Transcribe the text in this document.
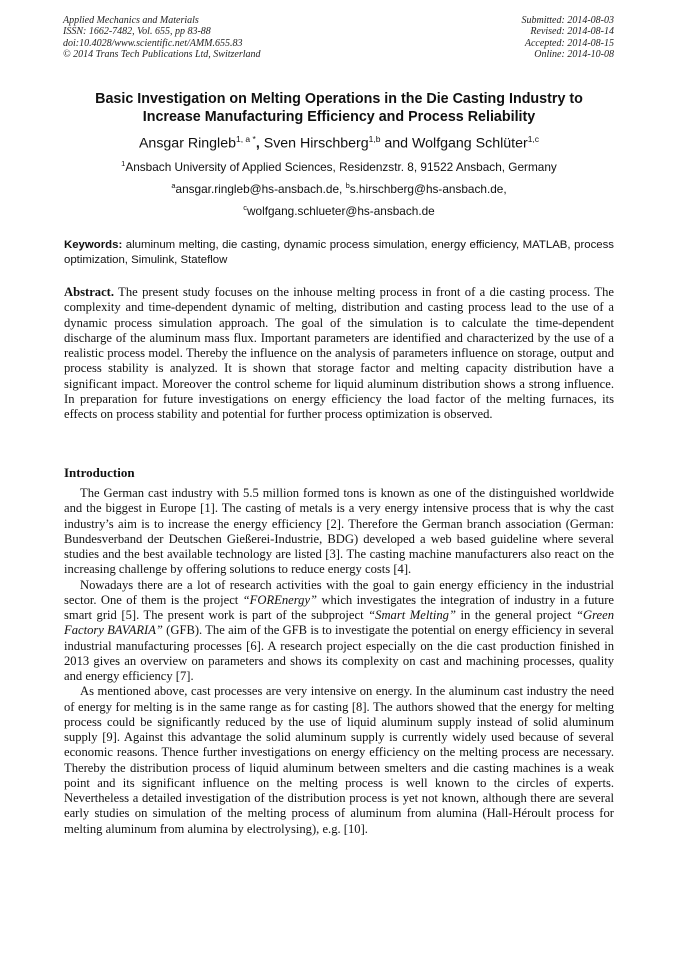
Applied Mechanics and Materials
ISSN: 1662-7482, Vol. 655, pp 83-88
doi:10.4028/www.scientific.net/AMM.655.83
© 2014 Trans Tech Publications Ltd, Switzerland
Submitted: 2014-08-03
Revised: 2014-08-14
Accepted: 2014-08-15
Online: 2014-10-08
Basic Investigation on Melting Operations in the Die Casting Industry to
Increase Manufacturing Efficiency and Process Reliability
Ansgar Ringleb$^{1, a *}$, Sven Hirschberg$^{1,b}$ and Wolfgang Schlüter$^{1,c}$
$^1$Ansbach University of Applied Sciences, Residenzstr. 8, 91522 Ansbach, Germany
$^a$ansgar.ringleb@hs-ansbach.de, $^b$s.hirschberg@hs-ansbach.de,
$^c$wolfgang.schlueter@hs-ansbach.de
Keywords: aluminum melting, die casting, dynamic process simulation, energy efficiency, MATLAB, process optimization, Simulink, Stateflow
Abstract. The present study focuses on the inhouse melting process in front of a die casting process. The complexity and time-dependent dynamic of melting, distribution and casting process lead to the use of a dynamic process simulation approach. The goal of the simulation is to calculate the time-dependent discharge of the aluminum mass flux. Important parameters are identified and characterized by the use of a realistic process model. Thereby the influence on the analysis of parameters influence on storage, output and process stability is analyzed. It is shown that storage factor and melting capacity distribution have a significant impact. Moreover the control scheme for liquid aluminum distribution shows a strong influence. In preparation for future investigations on energy efficiency the load factor of the melting furnaces, its effects on process stability and potential for further process optimization is observed.
Introduction

The German cast industry with 5.5 million formed tons is known as one of the distinguished worldwide and the biggest in Europe [1]. The casting of metals is a very energy intensive process that is why the cast industry’s aim is to increase the energy efficiency [2]. Therefore the German branch association (German: Bundesverband der Deutschen Gießerei-Industrie, BDG) developed a web based guideline where several studies and the best available technology are listed [3]. The casting machine manufacturers also react on the increasing challenge by offering solutions to reduce energy costs [4].

Nowadays there are a lot of research activities with the goal to gain energy efficiency in the industrial sector. One of them is the project “FOREnergy” which investigates the integration of industry in a future smart grid [5]. The present work is part of the subproject “Smart Melting” in the general project “Green Factory BAVARIA” (GFB). The aim of the GFB is to investigate the potential on energy efficiency in several industrial manufacturing processes [6]. A research project especially on the die cast production finished in 2013 gives an overview on parameters and shows its complexity on cast and machining processes, quality and energy efficiency [7].

As mentioned above, cast processes are very intensive on energy. In the aluminum cast industry the need of energy for melting is in the same range as for casting [8]. The authors showed that the energy for melting process could be significantly reduced by the use of liquid aluminum supply instead of solid aluminum supply [9]. Against this advantage the solid aluminum supply is currently widely used because of several economic reasons. Thence further investigations on energy efficiency on the melting process are necessary. Thereby the distribution process of liquid aluminum between smelters and die casting machines is a weak point and its significant influence on the melting process is well known to the circles of experts. Nevertheless a detailed investigation of the distribution process is yet not known, although there are several early studies on simulation of the melting process of aluminum from alumina (Hall-Héroult process for melting aluminum from alumina by electrolysing), e.g. [10].
